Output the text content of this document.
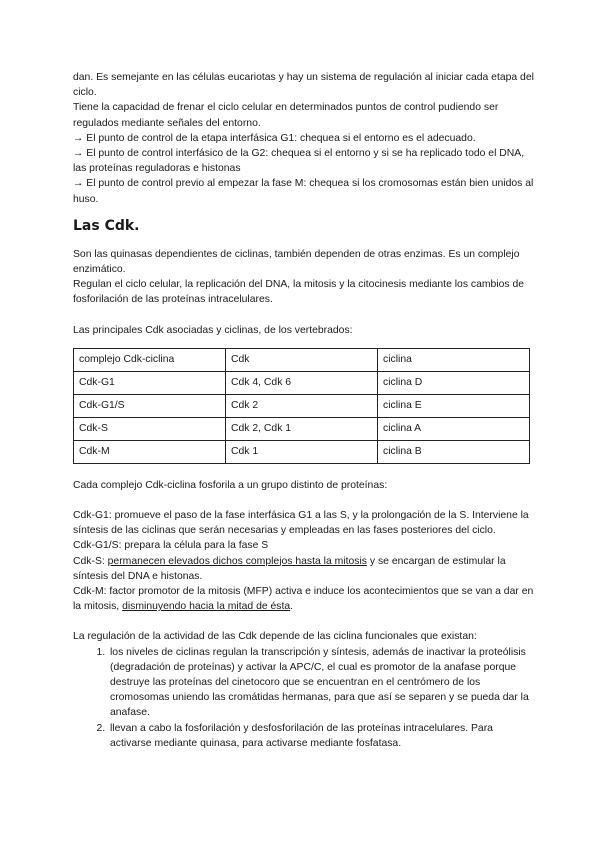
dan. Es semejante en las células eucariotas y hay un sistema de regulación al iniciar cada etapa del ciclo.

Tiene la capacidad de frenar el ciclo celular en determinados puntos de control pudiendo ser regulados mediante señales del entorno.

→ El punto de control de la etapa interfásica G1: chequea si el entorno es el adecuado.

→ El punto de control interfásico de la G2: chequea si el entorno y si se ha replicado todo el DNA, las proteínas reguladoras e histonas

→ El punto de control previo al empezar la fase M: chequea si los cromosomas están bien unidos al huso.

Las Cdk.

Son las quinasas dependientes de ciclinas, también dependen de otras enzimas. Es un complejo enzimático.

Regulan el ciclo celular, la replicación del DNA, la mitosis y la citocinesis mediante los cambios de fosforilación de las proteínas intracelulares.

Las principales Cdk asociadas y ciclinas, de los vertebrados:

complejo Cdk-ciclina	Cdk	ciclina
Cdk-G1	Cdk 4, Cdk 6	ciclina D
Cdk-G1/S	Cdk 2	ciclina E
Cdk-S	Cdk 2, Cdk 1	ciclina A
Cdk-M	Cdk 1	ciclina B

Cada complejo Cdk-ciclina fosforila a un grupo distinto de proteínas:

Cdk-G1: promueve el paso de la fase interfásica G1 a las S, y la prolongación de la S. Interviene la síntesis de las ciclinas que serán necesarias y empleadas en las fases posteriores del ciclo.

Cdk-G1/S: prepara la célula para la fase S

Cdk-S: permanecen elevados dichos complejos hasta la mitosis y se encargan de estimular la síntesis del DNA e histonas.

Cdk-M: factor promotor de la mitosis (MFP) activa e induce los acontecimientos que se van a dar en la mitosis, disminuyendo hacia la mitad de ésta.

La regulación de la actividad de las Cdk depende de las ciclina funcionales que existan:

1. los niveles de ciclinas regulan la transcripción y síntesis, además de inactivar la proteólisis (degradación de proteínas) y activar la APC/C, el cual es promotor de la anafase porque destruye las proteínas del cinetocoro que se encuentran en el centrómero de los cromosomas uniendo las cromátidas hermanas, para que así se separen y se pueda dar la anafase.
2. llevan a cabo la fosforilación y desfosforilación de las proteínas intracelulares. Para activarse mediante quinasa, para activarse mediante fosfatasa.
